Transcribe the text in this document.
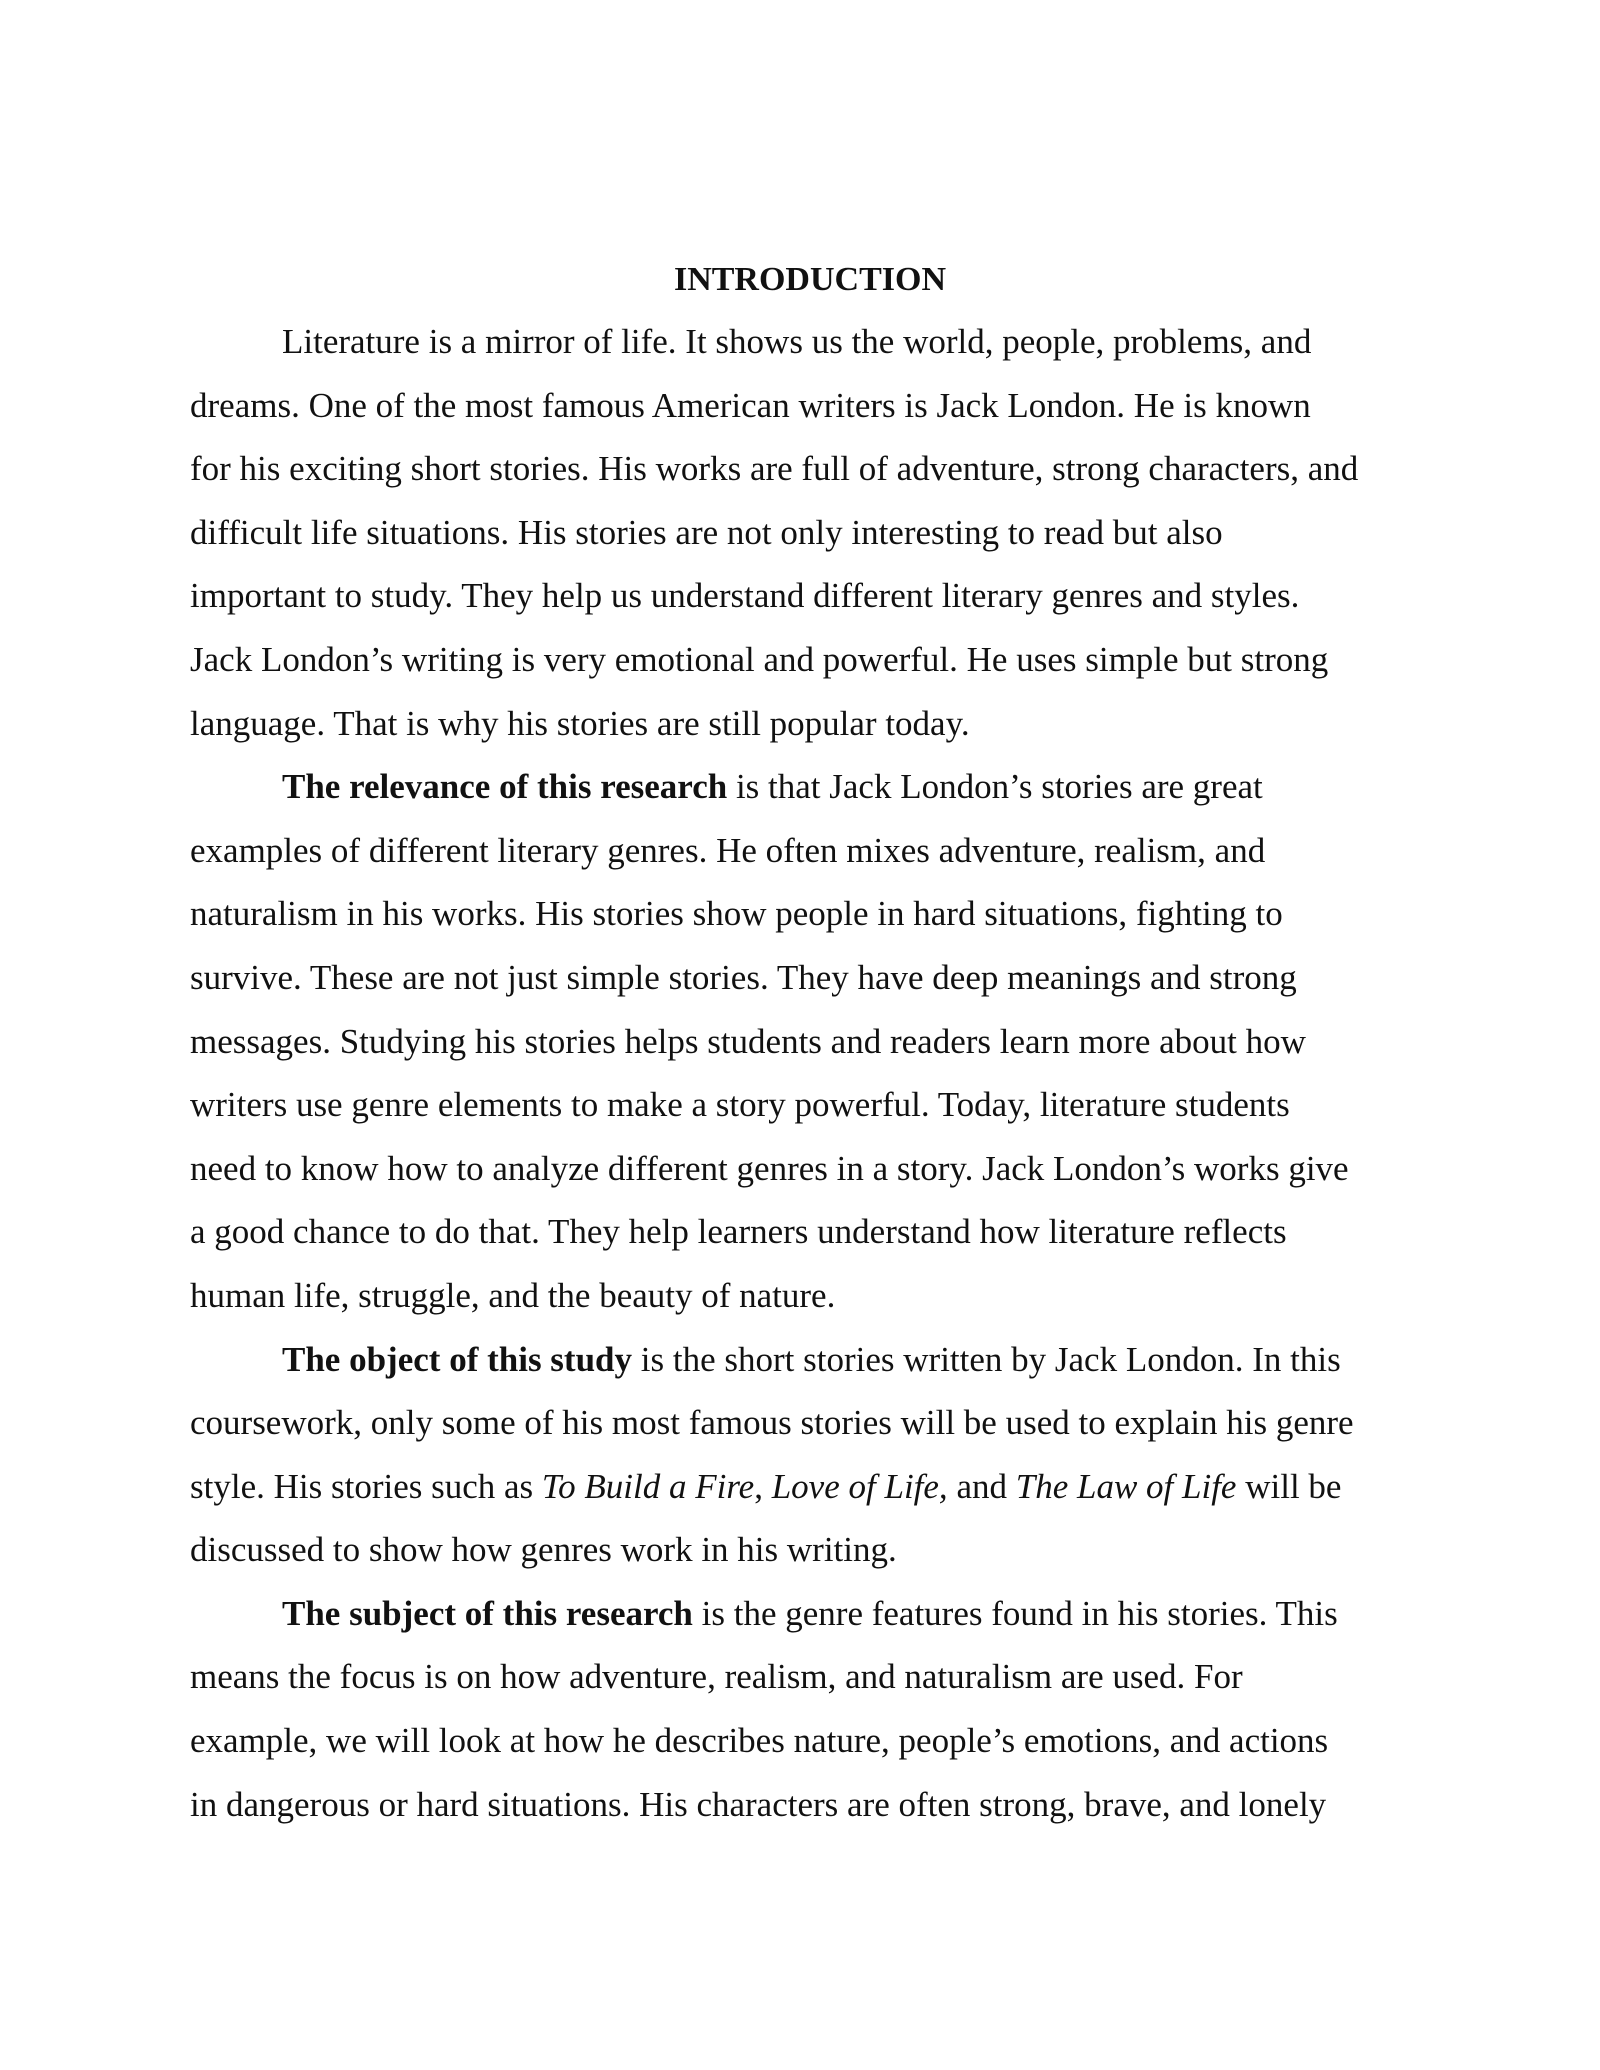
INTRODUCTION
Literature is a mirror of life. It shows us the world, people, problems, and
dreams. One of the most famous American writers is Jack London. He is known
for his exciting short stories. His works are full of adventure, strong characters, and
difficult life situations. His stories are not only interesting to read but also
important to study. They help us understand different literary genres and styles.
Jack London’s writing is very emotional and powerful. He uses simple but strong
language. That is why his stories are still popular today.
The relevance of this research is that Jack London’s stories are great
examples of different literary genres. He often mixes adventure, realism, and
naturalism in his works. His stories show people in hard situations, fighting to
survive. These are not just simple stories. They have deep meanings and strong
messages. Studying his stories helps students and readers learn more about how
writers use genre elements to make a story powerful. Today, literature students
need to know how to analyze different genres in a story. Jack London’s works give
a good chance to do that. They help learners understand how literature reflects
human life, struggle, and the beauty of nature.
The object of this study is the short stories written by Jack London. In this
coursework, only some of his most famous stories will be used to explain his genre
style. His stories such as To Build a Fire, Love of Life, and The Law of Life will be
discussed to show how genres work in his writing.
The subject of this research is the genre features found in his stories. This
means the focus is on how adventure, realism, and naturalism are used. For
example, we will look at how he describes nature, people’s emotions, and actions
in dangerous or hard situations. His characters are often strong, brave, and lonely
